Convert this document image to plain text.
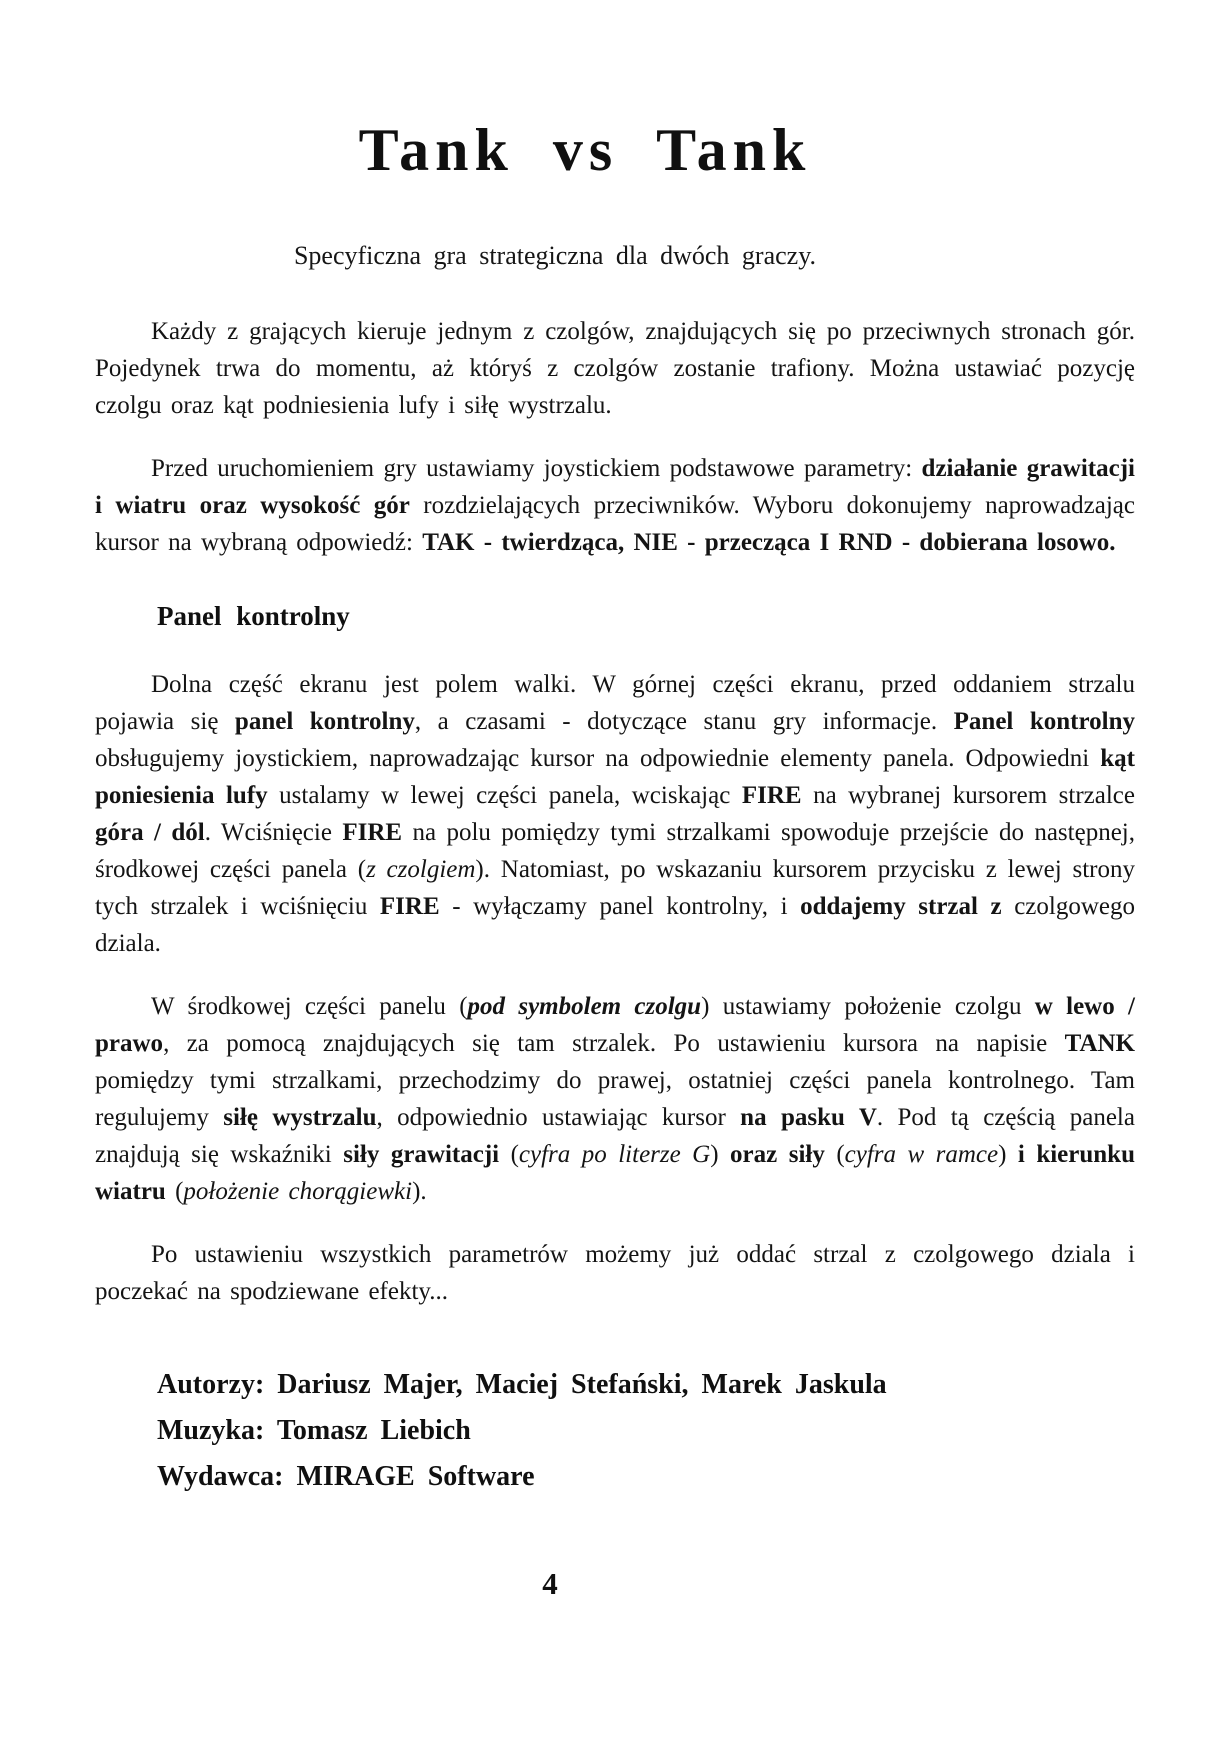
Tank vs Tank
Specyficzna gra strategiczna dla dwóch graczy.

Każdy z grających kieruje jednym z czolgów, znajdujących się po przeciwnych stronach gór. Pojedynek trwa do momentu, aż któryś z czolgów zostanie trafiony. Można ustawiać pozycję czolgu oraz kąt podniesienia lufy i siłę wystrzalu.

Przed uruchomieniem gry ustawiamy joystickiem podstawowe parametry: działanie grawitacji i wiatru oraz wysokość gór rozdzielających przeciwników. Wyboru dokonujemy naprowadzając kursor na wybraną odpowiedź: TAK - twierdząca, NIE - przecząca I RND - dobierana losowo.

Panel kontrolny

Dolna część ekranu jest polem walki. W górnej części ekranu, przed oddaniem strzalu pojawia się panel kontrolny, a czasami - dotyczące stanu gry informacje. Panel kontrolny obsługujemy joystickiem, naprowadzając kursor na odpowiednie elementy panela. Odpowiedni kąt poniesienia lufy ustalamy w lewej części panela, wciskając FIRE na wybranej kursorem strzalce góra / dól. Wciśnięcie FIRE na polu pomiędzy tymi strzalkami spowoduje przejście do następnej, środkowej części panela (z czolgiem). Natomiast, po wskazaniu kursorem przycisku z lewej strony tych strzalek i wciśnięciu FIRE - wyłączamy panel kontrolny, i oddajemy strzal z czolgowego dziala.

W środkowej części panelu (pod symbolem czolgu) ustawiamy położenie czolgu w lewo / prawo, za pomocą znajdujących się tam strzalek. Po ustawieniu kursora na napisie TANK pomiędzy tymi strzalkami, przechodzimy do prawej, ostatniej części panela kontrolnego. Tam regulujemy siłę wystrzalu, odpowiednio ustawiając kursor na pasku V. Pod tą częścią panela znajdują się wskaźniki siły grawitacji (cyfra po literze G) oraz siły (cyfra w ramce) i kierunku wiatru (położenie chorągiewki).

Po ustawieniu wszystkich parametrów możemy już oddać strzal z czolgowego dziala i poczekać na spodziewane efekty...

Autorzy: Dariusz Majer, Maciej Stefański, Marek Jaskula
Muzyka: Tomasz Liebich
Wydawca: MIRAGE Software
4
